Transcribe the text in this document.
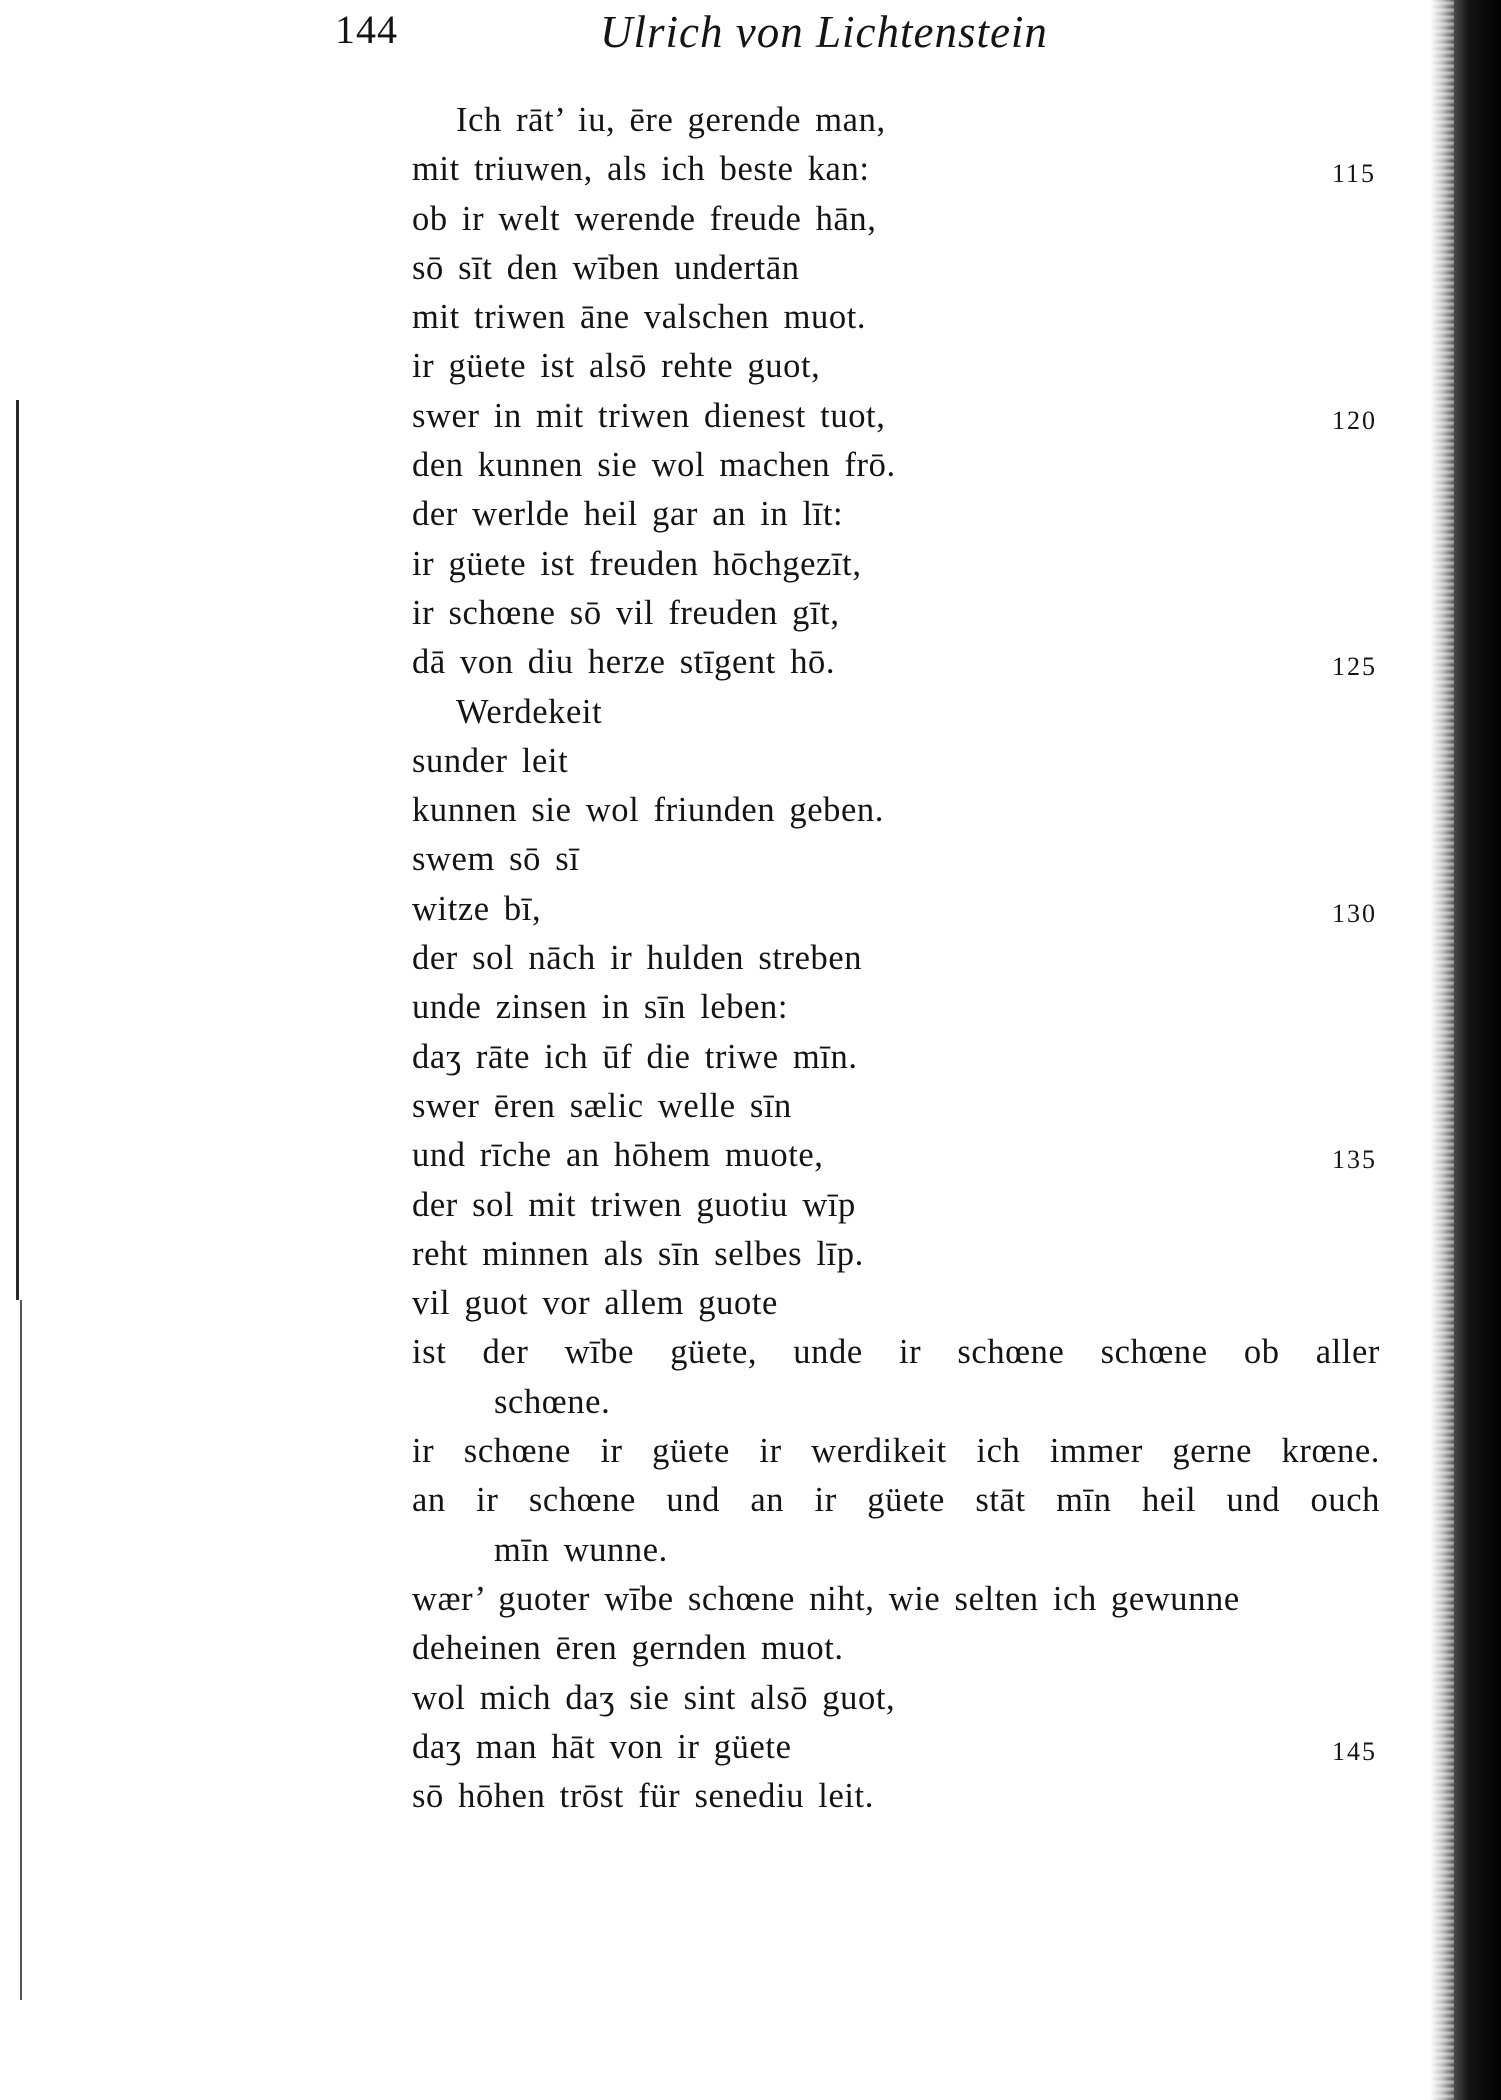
144	Ulrich von Lichtenstein
Ich rāt’ iu, ēre gerende man,
mit triuwen, als ich beste kan:	115
ob ir welt werende freude hān,
sō sīt den wīben undertān
mit triwen āne valschen muot.
ir güete ist alsō rehte guot,
swer in mit triwen dienest tuot,	120
den kunnen sie wol machen frō.
der werlde heil gar an in līt:
ir güete ist freuden hōchgezīt,
ir schœne sō vil freuden gīt,
dā von diu herze stīgent hō.	125
Werdekeit
sunder leit
kunnen sie wol friunden geben.
swem sō sī
witze bī,	130
der sol nāch ir hulden streben
unde zinsen in sīn leben:
daʒ rāte ich ūf die triwe mīn.
swer ēren sælic welle sīn
und rīche an hōhem muote,	135
der sol mit triwen guotiu wīp
reht minnen als sīn selbes līp.
vil guot vor allem guote
ist der wībe güete, unde ir schœne schœne ob aller
schœne.
ir schœne ir güete ir werdikeit ich immer gerne krœne.
an ir schœne und an ir güete stāt mīn heil und ouch
mīn wunne.
wær’ guoter wībe schœne niht, wie selten ich gewunne
deheinen ēren gernden muot.
wol mich daʒ sie sint alsō guot,
daʒ man hāt von ir güete	145
sō hōhen trōst für senediu leit.
